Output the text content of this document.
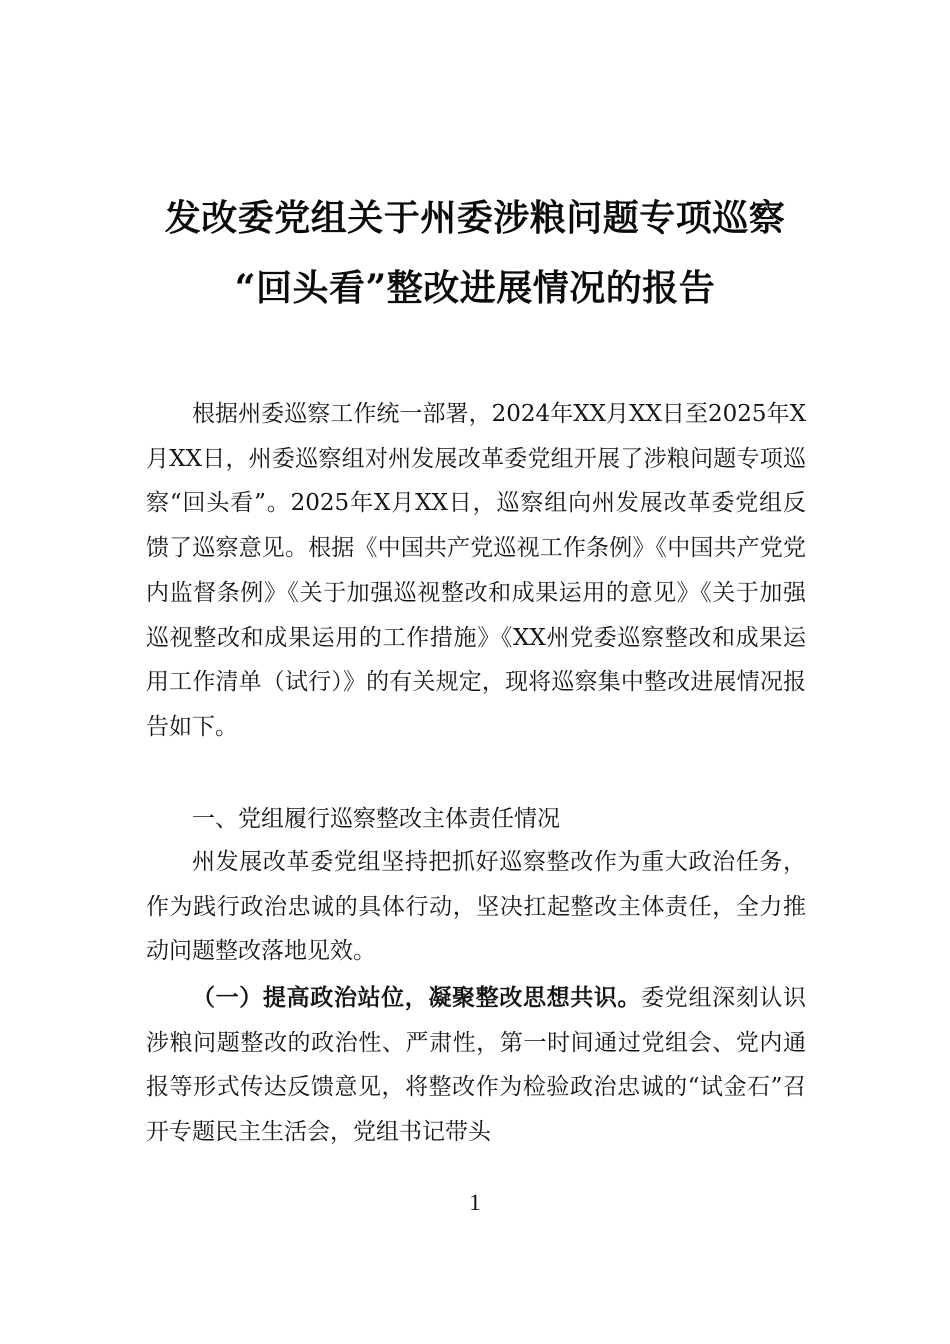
发改委党组关于州委涉粮问题专项巡察
“回头看”整改进展情况的报告

根据州委巡察工作统一部署，2024年XX月XX日至2025年X月XX日，州委巡察组对州发展改革委党组开展了涉粮问题专项巡察“回头看”。2025年X月XX日，巡察组向州发展改革委党组反馈了巡察意见。根据《中国共产党巡视工作条例》《中国共产党党内监督条例》《关于加强巡视整改和成果运用的意见》《关于加强巡视整改和成果运用的工作措施》《XX州党委巡察整改和成果运用工作清单（试行）》的有关规定，现将巡察集中整改进展情况报告如下。

一、党组履行巡察整改主体责任情况

州发展改革委党组坚持把抓好巡察整改作为重大政治任务，作为践行政治忠诚的具体行动，坚决扛起整改主体责任，全力推动问题整改落地见效。

（一）提高政治站位，凝聚整改思想共识。委党组深刻认识涉粮问题整改的政治性、严肃性，第一时间通过党组会、党内通报等形式传达反馈意见，将整改作为检验政治忠诚的“试金石”召开专题民主生活会，党组书记带头

1
